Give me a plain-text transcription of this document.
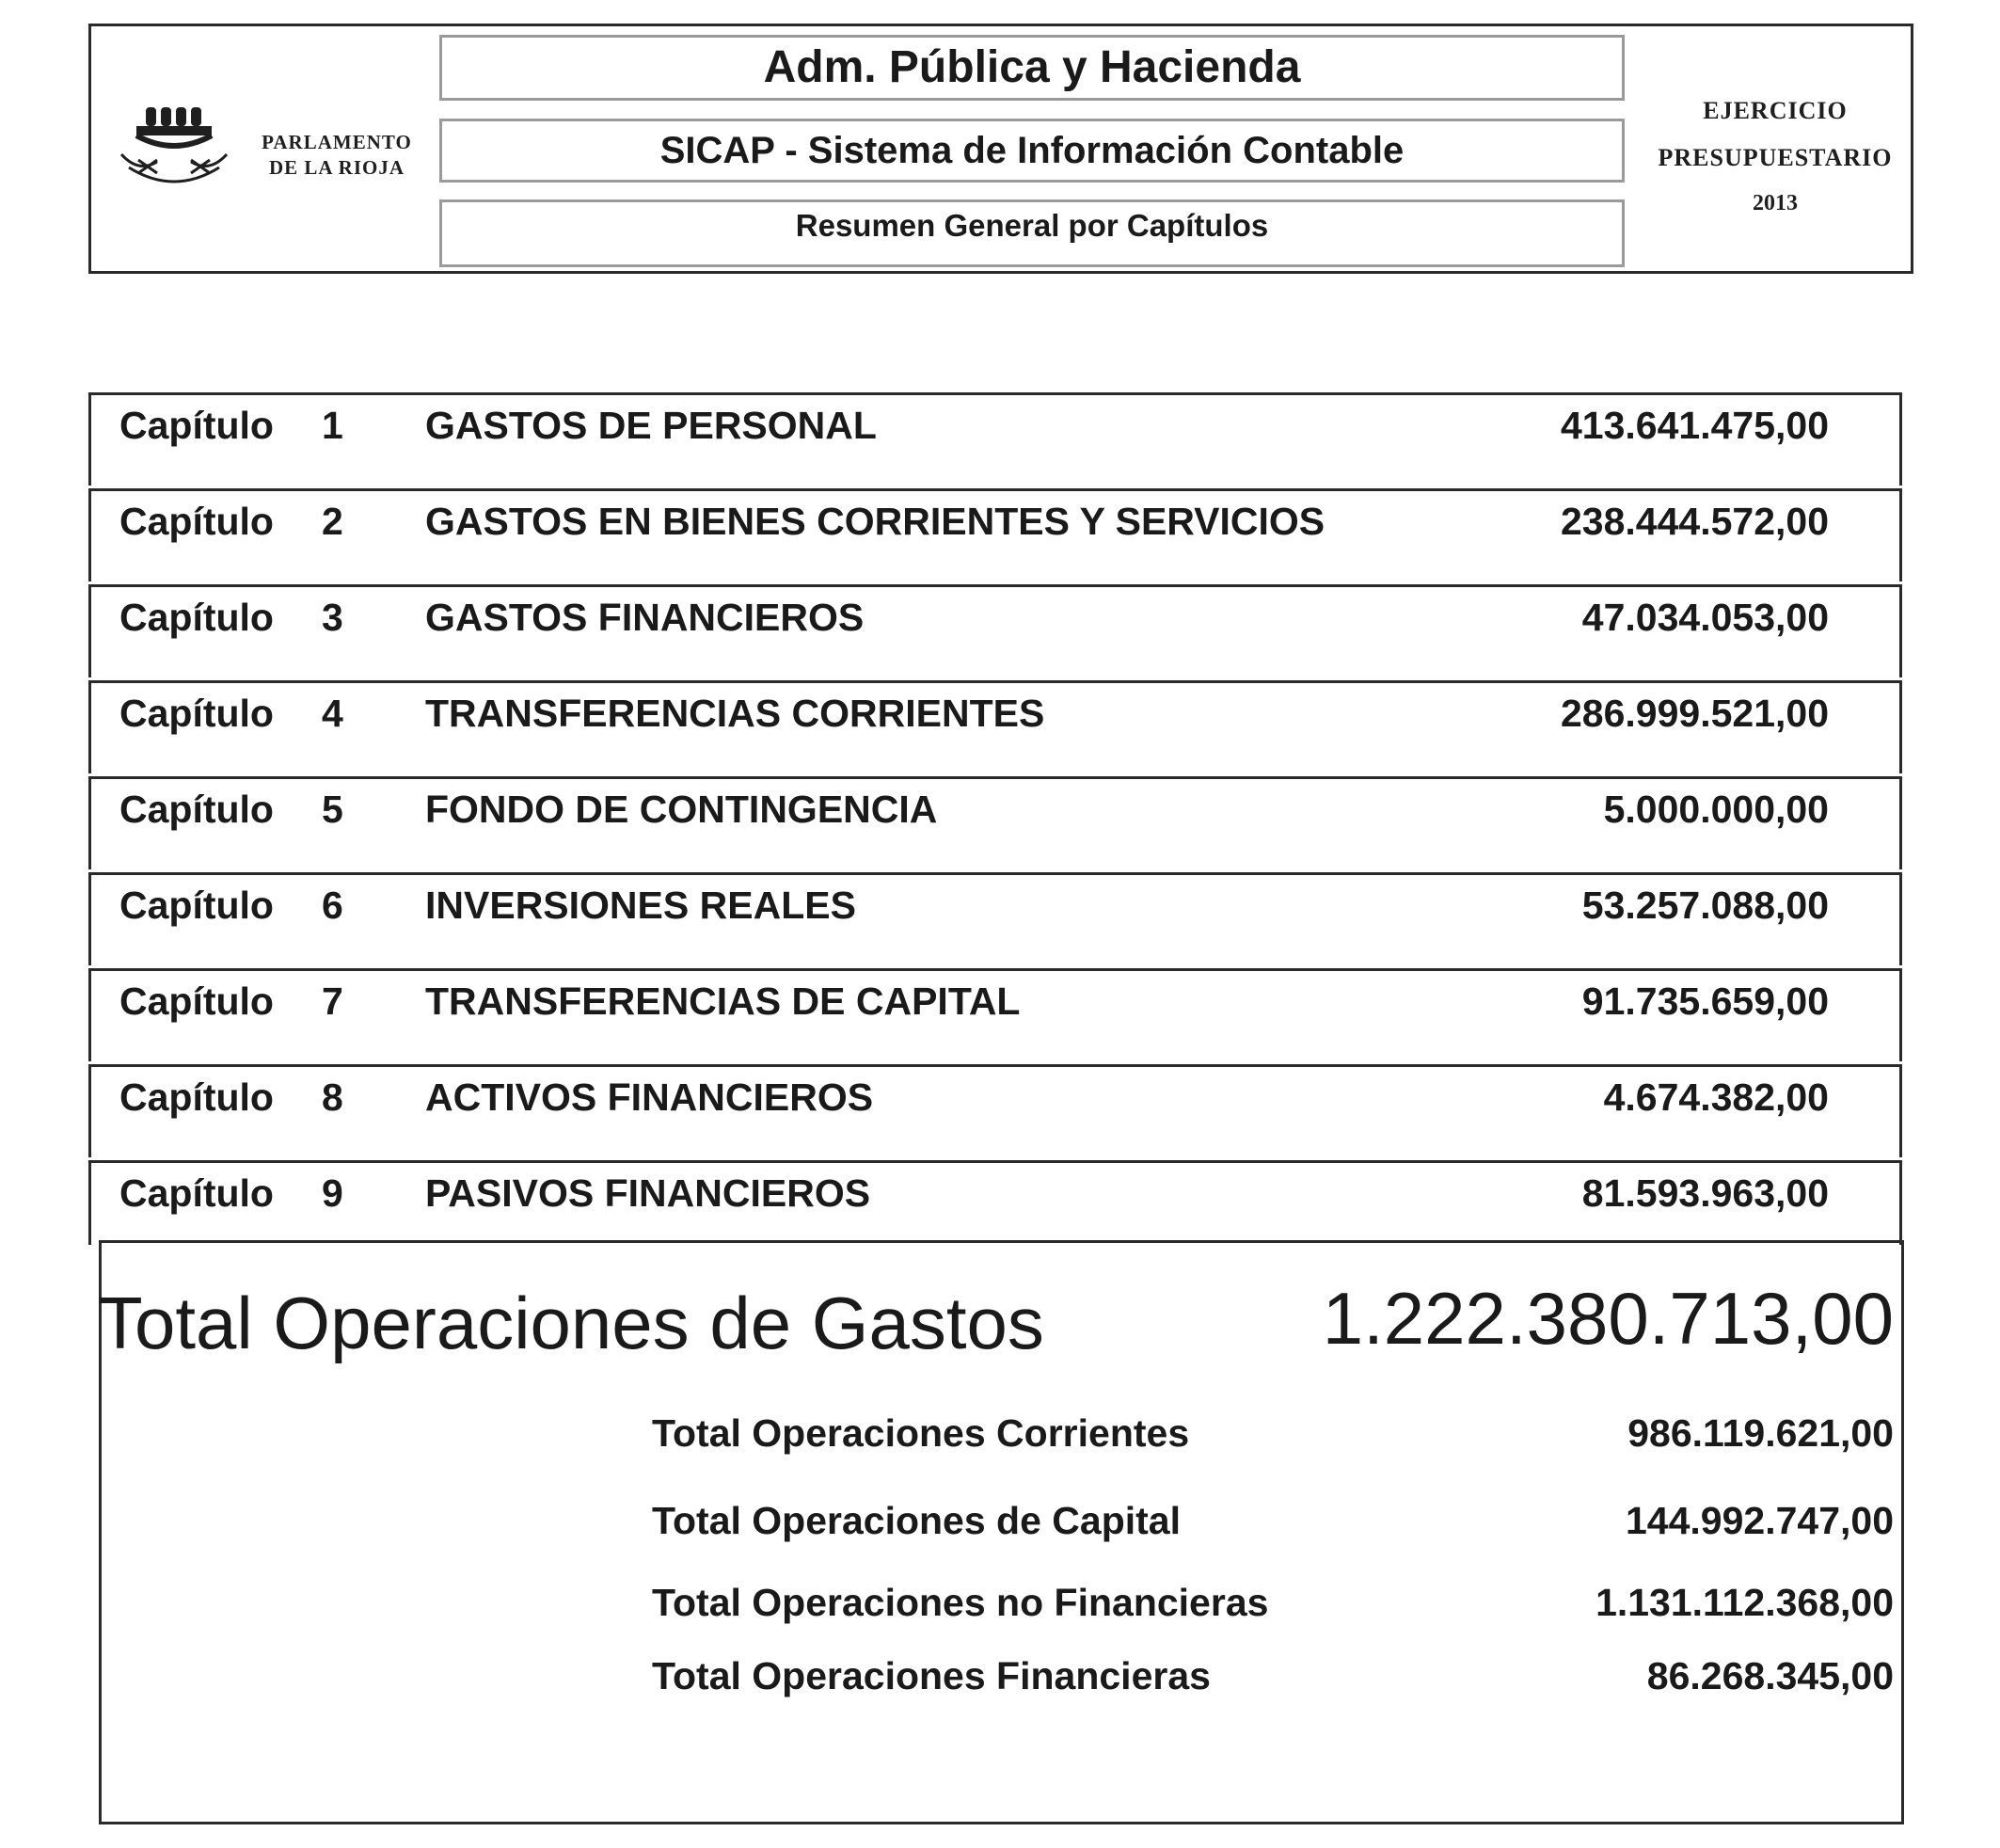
PARLAMENTO
DE LA RIOJA
Adm. Pública y Hacienda
SICAP - Sistema de Información Contable
Resumen General por Capítulos
EJERCICIO
PRESUPUESTARIO
2013
Capítulo 1 GASTOS DE PERSONAL	413.641.475,00
Capítulo 2 GASTOS EN BIENES CORRIENTES Y SERVICIOS	238.444.572,00
Capítulo 3 GASTOS FINANCIEROS	47.034.053,00
Capítulo 4 TRANSFERENCIAS CORRIENTES	286.999.521,00
Capítulo 5 FONDO DE CONTINGENCIA	5.000.000,00
Capítulo 6 INVERSIONES REALES	53.257.088,00
Capítulo 7 TRANSFERENCIAS DE CAPITAL	91.735.659,00
Capítulo 8 ACTIVOS FINANCIEROS	4.674.382,00
Capítulo 9 PASIVOS FINANCIEROS	81.593.963,00
Total Operaciones de Gastos	1.222.380.713,00
Total Operaciones Corrientes	986.119.621,00
Total Operaciones de Capital	144.992.747,00
Total Operaciones no Financieras	1.131.112.368,00
Total Operaciones Financieras	86.268.345,00
